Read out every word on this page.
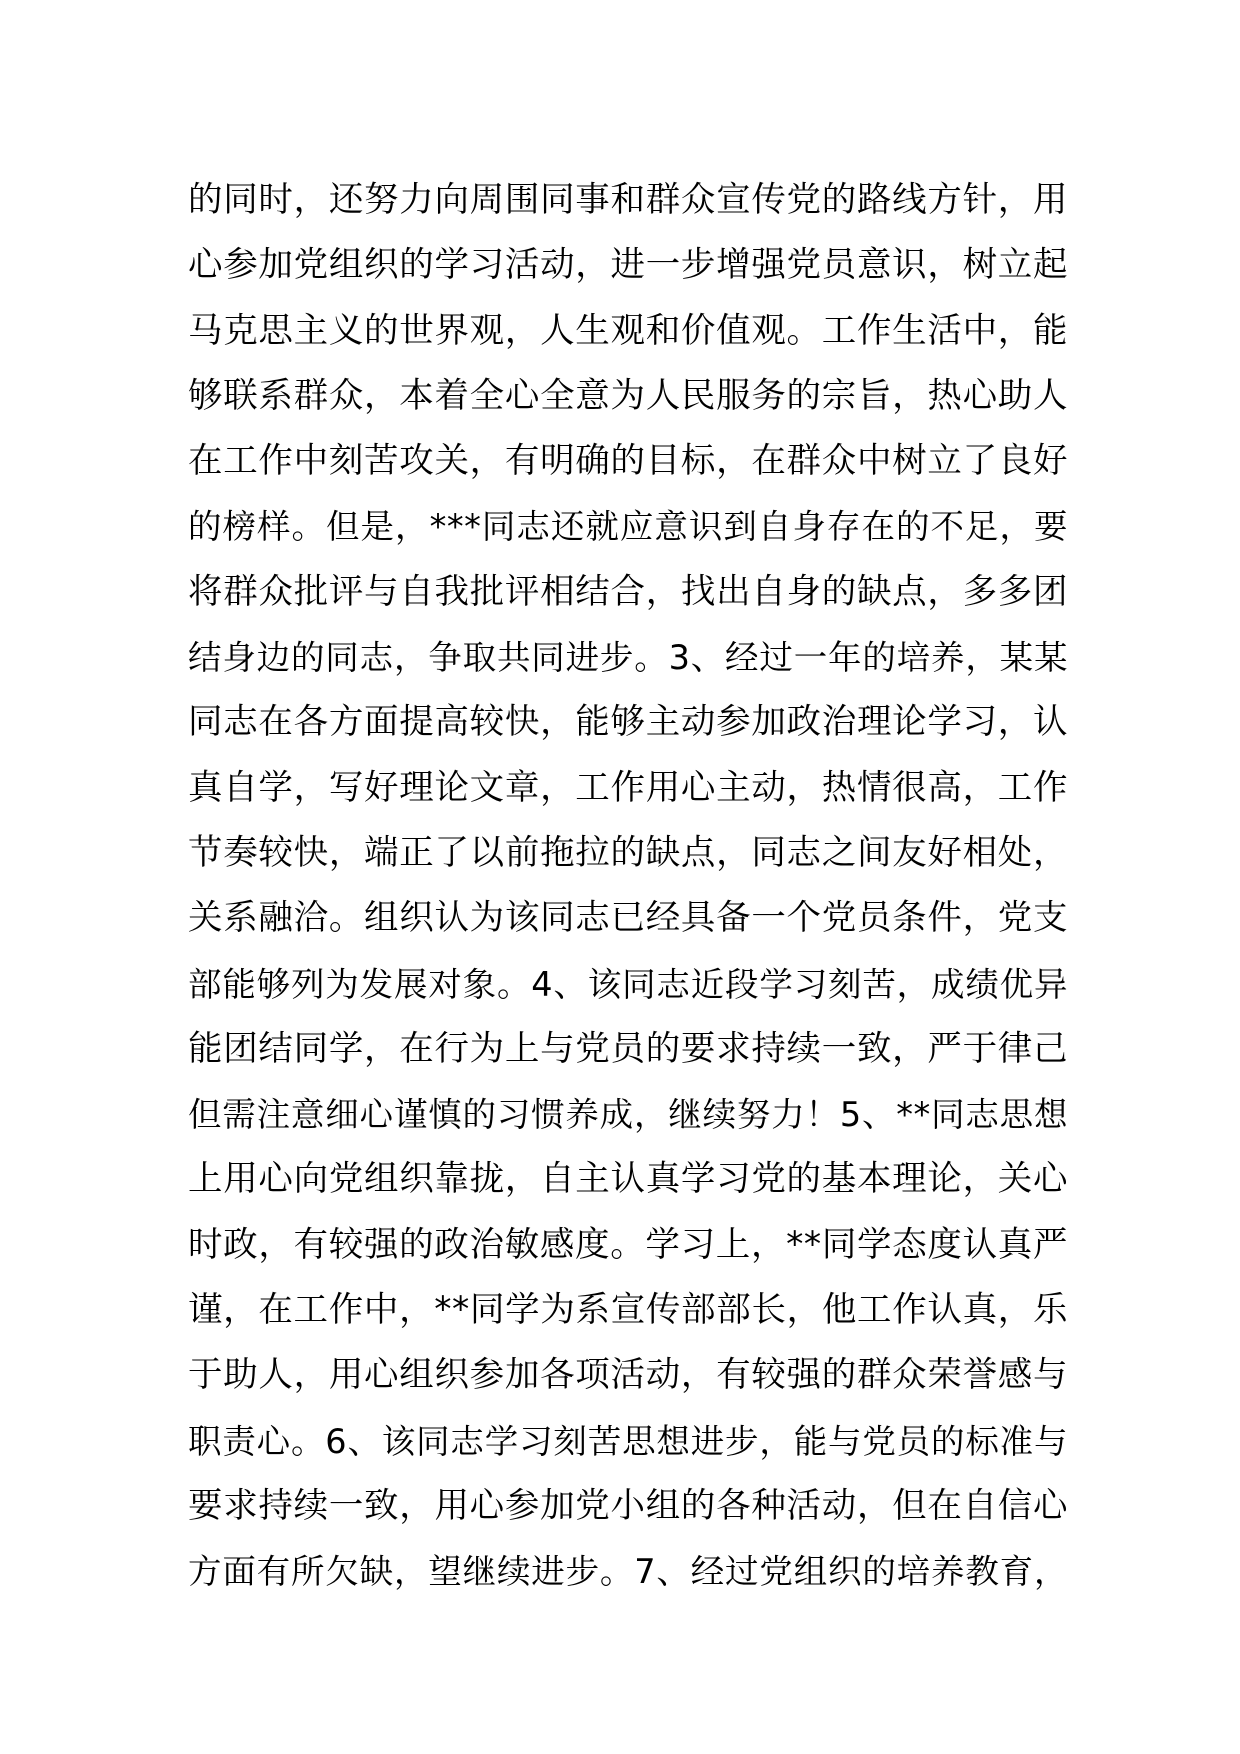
的同时，还努力向周围同事和群众宣传党的路线方针，用
心参加党组织的学习活动，进一步增强党员意识，树立起
马克思主义的世界观，人生观和价值观。工作生活中，能
够联系群众，本着全心全意为人民服务的宗旨，热心助人
在工作中刻苦攻关，有明确的目标，在群众中树立了良好
的榜样。但是，***同志还就应意识到自身存在的不足，要
将群众批评与自我批评相结合，找出自身的缺点，多多团
结身边的同志，争取共同进步。3、经过一年的培养，某某
同志在各方面提高较快，能够主动参加政治理论学习，认
真自学，写好理论文章，工作用心主动，热情很高，工作
节奏较快，端正了以前拖拉的缺点，同志之间友好相处，
关系融洽。组织认为该同志已经具备一个党员条件，党支
部能够列为发展对象。4、该同志近段学习刻苦，成绩优异
能团结同学，在行为上与党员的要求持续一致，严于律己
但需注意细心谨慎的习惯养成，继续努力！5、**同志思想
上用心向党组织靠拢，自主认真学习党的基本理论，关心
时政，有较强的政治敏感度。学习上，**同学态度认真严
谨，在工作中，**同学为系宣传部部长，他工作认真，乐
于助人，用心组织参加各项活动，有较强的群众荣誉感与
职责心。6、该同志学习刻苦思想进步，能与党员的标准与
要求持续一致，用心参加党小组的各种活动，但在自信心
方面有所欠缺，望继续进步。7、经过党组织的培养教育，
